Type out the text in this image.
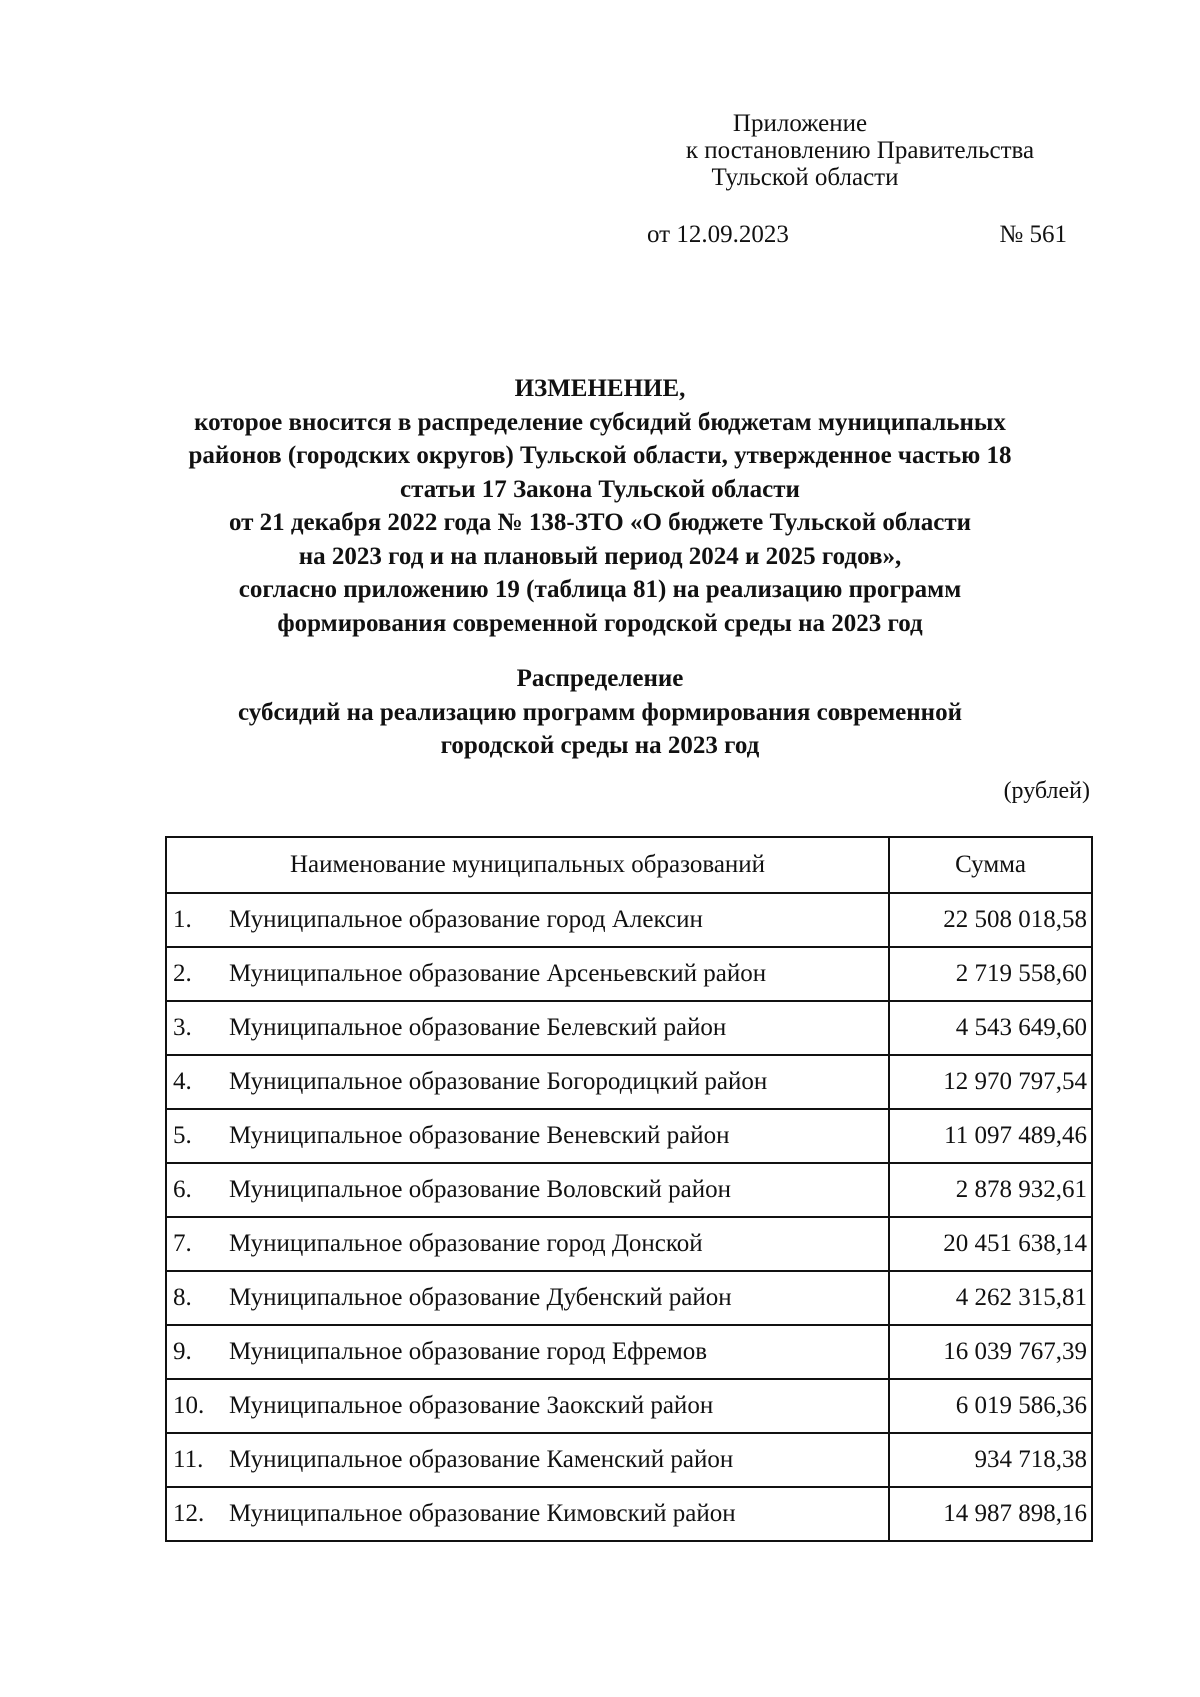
Приложение
к постановлению Правительства
Тульской области
от 12.09.2023	№ 561
ИЗМЕНЕНИЕ,
которое вносится в распределение субсидий бюджетам муниципальных
районов (городских округов) Тульской области, утвержденное частью 18
статьи 17 Закона Тульской области
от 21 декабря 2022 года № 138-ЗТО «О бюджете Тульской области
на 2023 год и на плановый период 2024 и 2025 годов»,
согласно приложению 19 (таблица 81) на реализацию программ
формирования современной городской среды на 2023 год
Распределение
субсидий на реализацию программ формирования современной
городской среды на 2023 год
(рублей)
Наименование муниципальных образований	Сумма
1. Муниципальное образование город Алексин	22 508 018,58
2. Муниципальное образование Арсеньевский район	2 719 558,60
3. Муниципальное образование Белевский район	4 543 649,60
4. Муниципальное образование Богородицкий район	12 970 797,54
5. Муниципальное образование Веневский район	11 097 489,46
6. Муниципальное образование Воловский район	2 878 932,61
7. Муниципальное образование город Донской	20 451 638,14
8. Муниципальное образование Дубенский район	4 262 315,81
9. Муниципальное образование город Ефремов	16 039 767,39
10. Муниципальное образование Заокский район	6 019 586,36
11. Муниципальное образование Каменский район	934 718,38
12. Муниципальное образование Кимовский район	14 987 898,16
